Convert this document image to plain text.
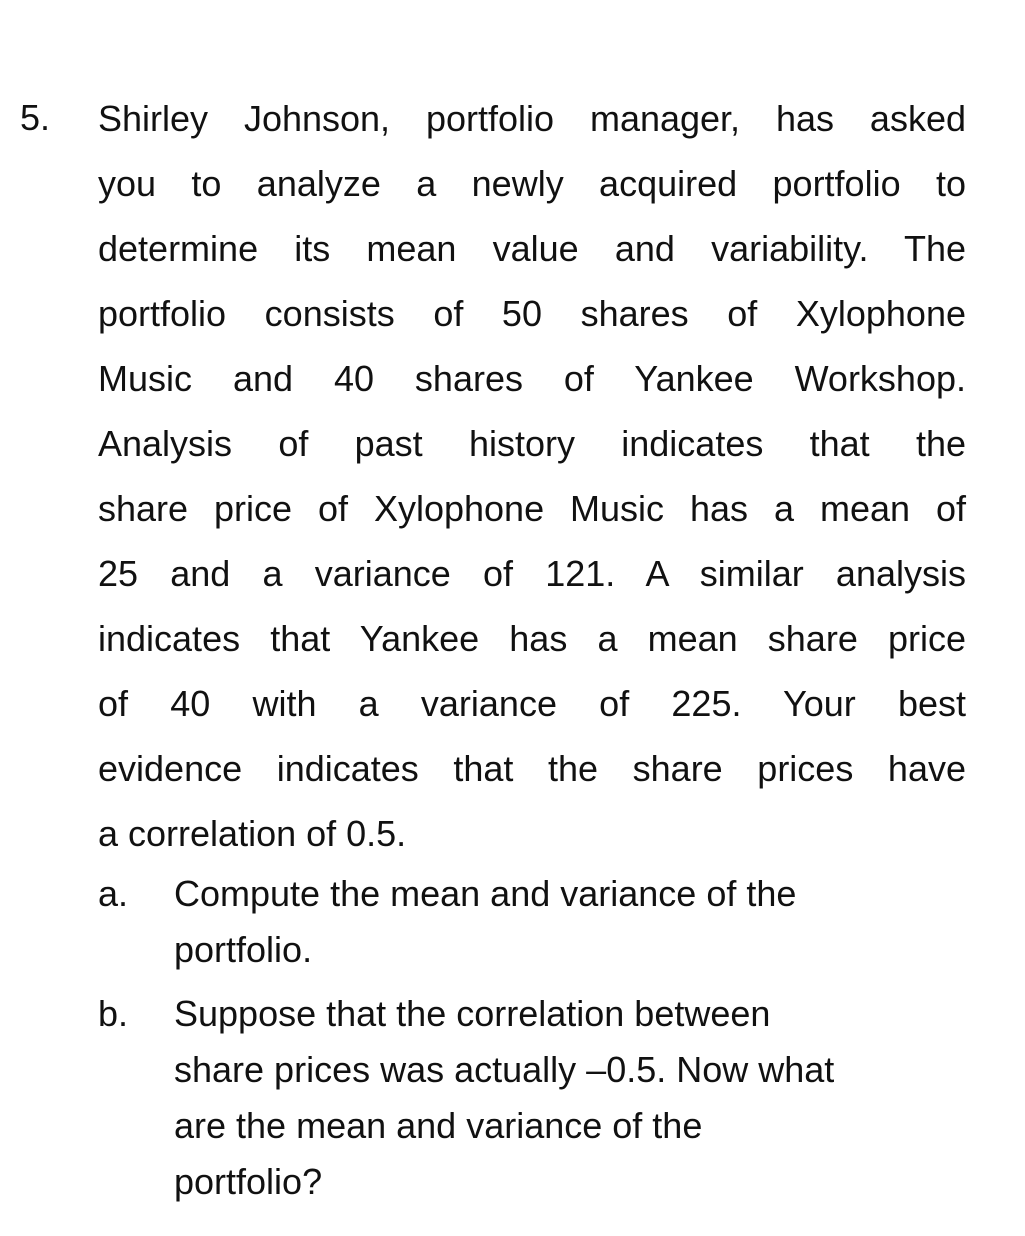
5. Shirley Johnson, portfolio manager, has asked
you to analyze a newly acquired portfolio to
determine its mean value and variability. The
portfolio consists of 50 shares of Xylophone
Music and 40 shares of Yankee Workshop.
Analysis of past history indicates that the
share price of Xylophone Music has a mean of
25 and a variance of 121. A similar analysis
indicates that Yankee has a mean share price
of 40 with a variance of 225. Your best
evidence indicates that the share prices have
a correlation of 0.5.
a. Compute the mean and variance of the
portfolio.
b. Suppose that the correlation between
share prices was actually –0.5. Now what
are the mean and variance of the
portfolio?
